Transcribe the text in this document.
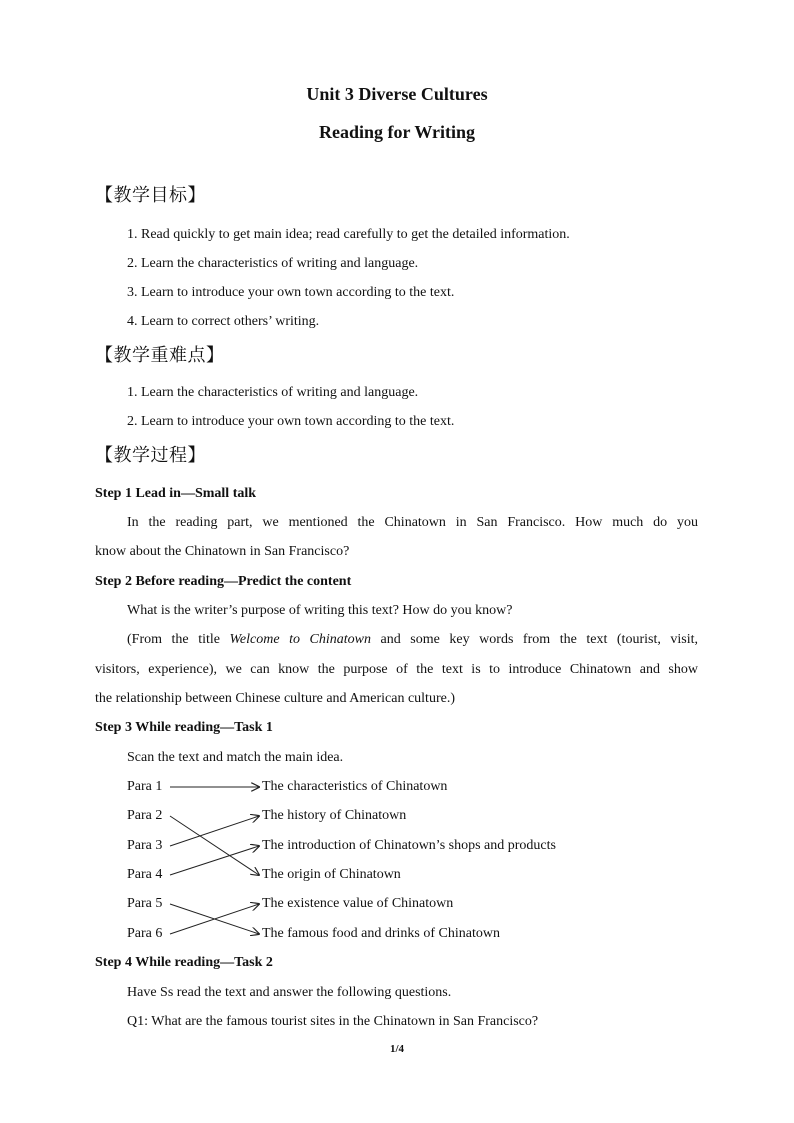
Unit 3 Diverse Cultures
Reading for Writing
【教学目标】
1. Read quickly to get main idea; read carefully to get the detailed information.
2. Learn the characteristics of writing and language.
3. Learn to introduce your own town according to the text.
4. Learn to correct others’ writing.
【教学重难点】
1. Learn the characteristics of writing and language.
2. Learn to introduce your own town according to the text.
【教学过程】
Step 1 Lead in—Small talk
In the reading part, we mentioned the Chinatown in San Francisco. How much do you
know about the Chinatown in San Francisco?
Step 2 Before reading—Predict the content
What is the writer’s purpose of writing this text? How do you know?
(From the title Welcome to Chinatown and some key words from the text (tourist, visit,
visitors, experience), we can know the purpose of the text is to introduce Chinatown and show
the relationship between Chinese culture and American culture.)
Step 3 While reading—Task 1
Scan the text and match the main idea.
Para 1
Para 2
Para 3
Para 4
Para 5
Para 6
The characteristics of Chinatown
The history of Chinatown
The introduction of Chinatown’s shops and products
The origin of Chinatown
The existence value of Chinatown
The famous food and drinks of Chinatown
Step 4 While reading—Task 2
Have Ss read the text and answer the following questions.
Q1: What are the famous tourist sites in the Chinatown in San Francisco?
1/4
